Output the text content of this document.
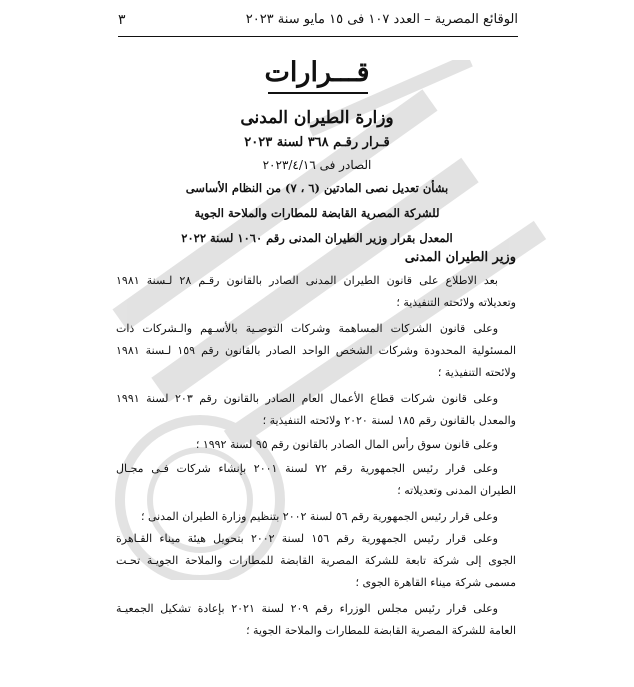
الوقائع المصرية – العدد ١٠٧ فى ١٥ مايو سنة ٢٠٢٣
٣
قـــرارات
وزارة الطيران المدنى
قـرار رقـم ٣٦٨ لسنة ٢٠٢٣
الصادر فى ٢٠٢٣/٤/١٦
بشأن تعديل نصى المادتين (٦ ، ٧) من النظام الأساسى
للشركة المصرية القابضة للمطارات والملاحة الجوية
المعدل بقرار وزير الطيران المدنى رقم ١٠٦٠ لسنة ٢٠٢٢
وزير الطيران المدنى
بعد الاطلاع على قانون الطيران المدنى الصادر بالقانون رقـم ٢٨ لـسنة ١٩٨١
وتعديلاته ولائحته التنفيذية ؛
وعلى قانون الشركات المساهمة وشركات التوصـية بالأسـهم والـشركات ذات
المسئولية المحدودة وشركات الشخص الواحد الصادر بالقانون رقم ١٥٩ لـسنة ١٩٨١
ولائحته التنفيذية ؛
وعلى قانون شركات قطاع الأعمال العام الصادر بالقانون رقم ٢٠٣ لسنة ١٩٩١
والمعدل بالقانون رقم ١٨٥ لسنة ٢٠٢٠ ولائحته التنفيذية ؛
وعلى قانون سوق رأس المال الصادر بالقانون رقم ٩٥ لسنة ١٩٩٢ ؛
وعلى قرار رئيس الجمهورية رقم ٧٢ لسنة ٢٠٠١ بإنشاء شركات فـى مجـال
الطيران المدنى وتعديلاته ؛
وعلى قرار رئيس الجمهورية رقم ٥٦ لسنة ٢٠٠٢ بتنظيم وزارة الطيران المدنى ؛
وعلى قرار رئيس الجمهورية رقم ١٥٦ لسنة ٢٠٠٢ بتحويل هيئة ميناء القـاهرة
الجوى إلى شركة تابعة للشركة المصرية القابضة للمطارات والملاحة الجويـة تحـت
مسمى شركة ميناء القاهرة الجوى ؛
وعلى قرار رئيس مجلس الوزراء رقم ٢٠٩ لسنة ٢٠٢١ بإعادة تشكيل الجمعيـة
العامة للشركة المصرية القابضة للمطارات والملاحة الجوية ؛
